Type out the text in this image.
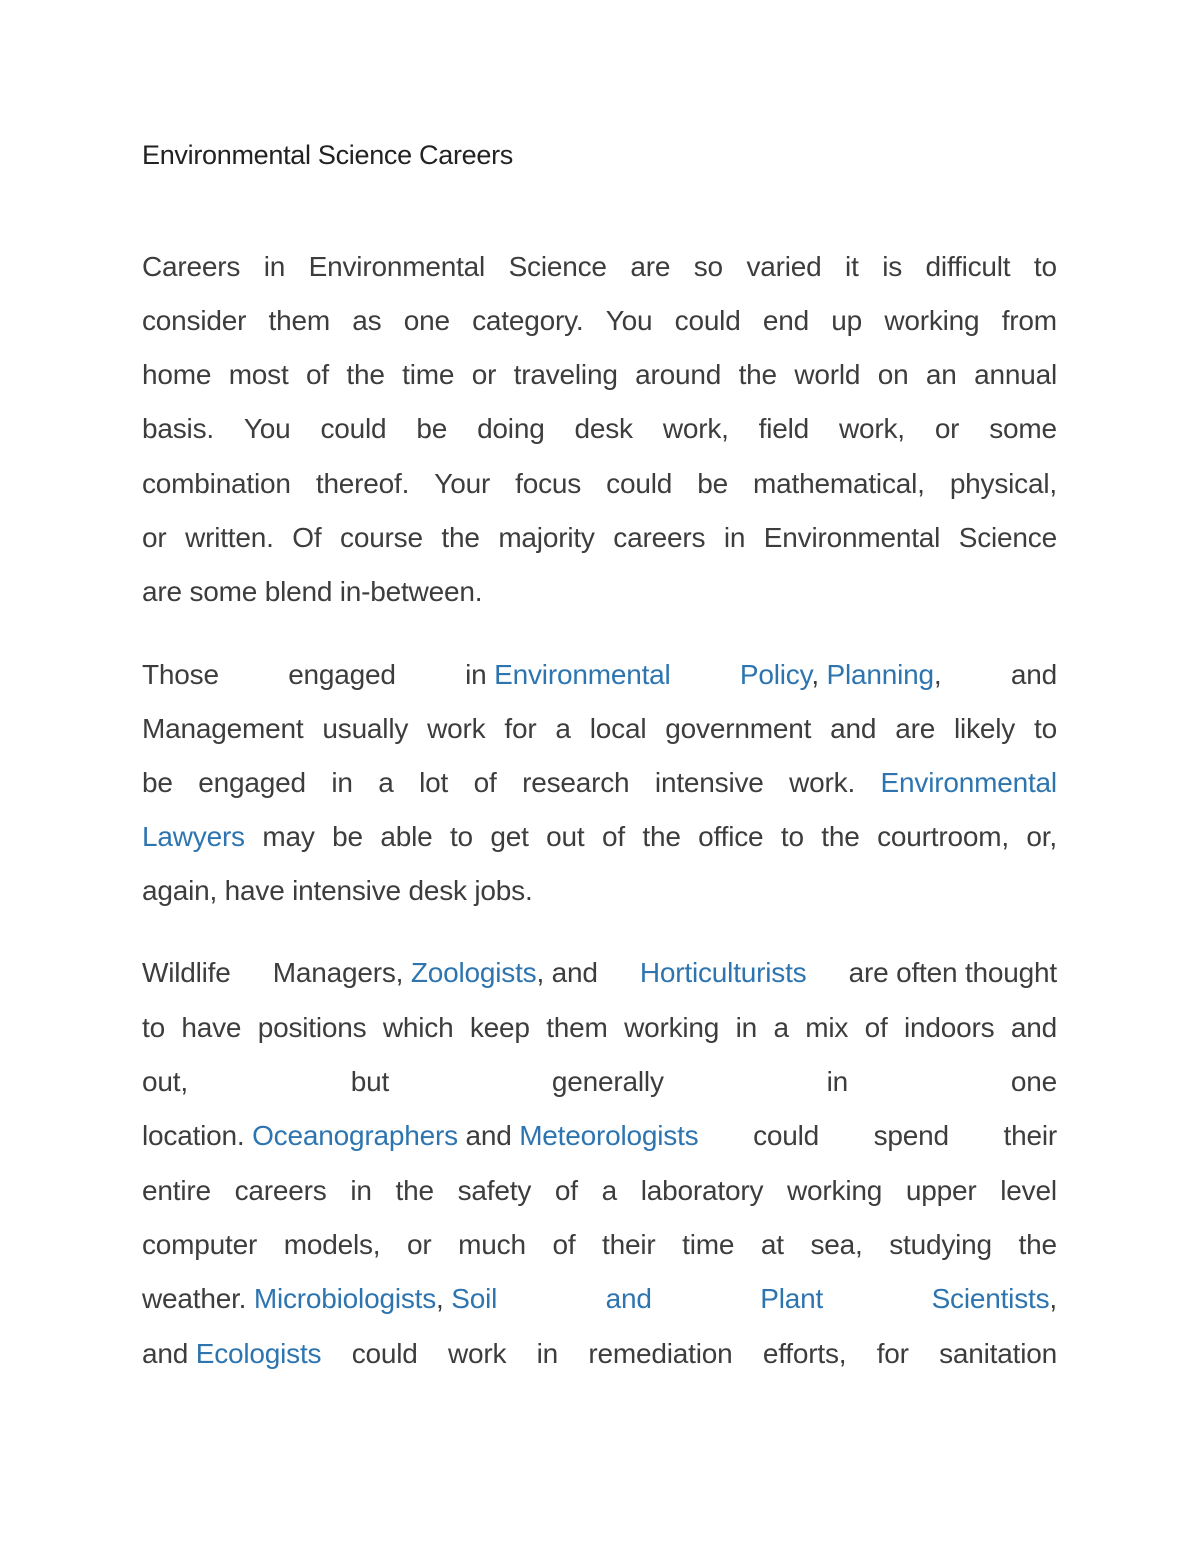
Environmental Science Careers
Careers in Environmental Science are so varied it is difficult to
consider them as one category. You could end up working from
home most of the time or traveling around the world on an annual
basis. You could be doing desk work, field work, or some
combination thereof. Your focus could be mathematical, physical,
or written. Of course the majority careers in Environmental Science
are some blend in-between.
Those engaged in Environmental Policy, Planning, and
Management usually work for a local government and are likely to
be engaged in a lot of research intensive work. Environmental
Lawyers may be able to get out of the office to the courtroom, or,
again, have intensive desk jobs.
Wildlife Managers, Zoologists, and Horticulturists are often thought
to have positions which keep them working in a mix of indoors and
out,	but	generally	in	one
location. Oceanographers and Meteorologists could spend their
entire careers in the safety of a laboratory working upper level
computer models, or much of their time at sea, studying the
weather. Microbiologists, Soil	and	Plant	Scientists,
and Ecologists could work in remediation efforts, for sanitation
